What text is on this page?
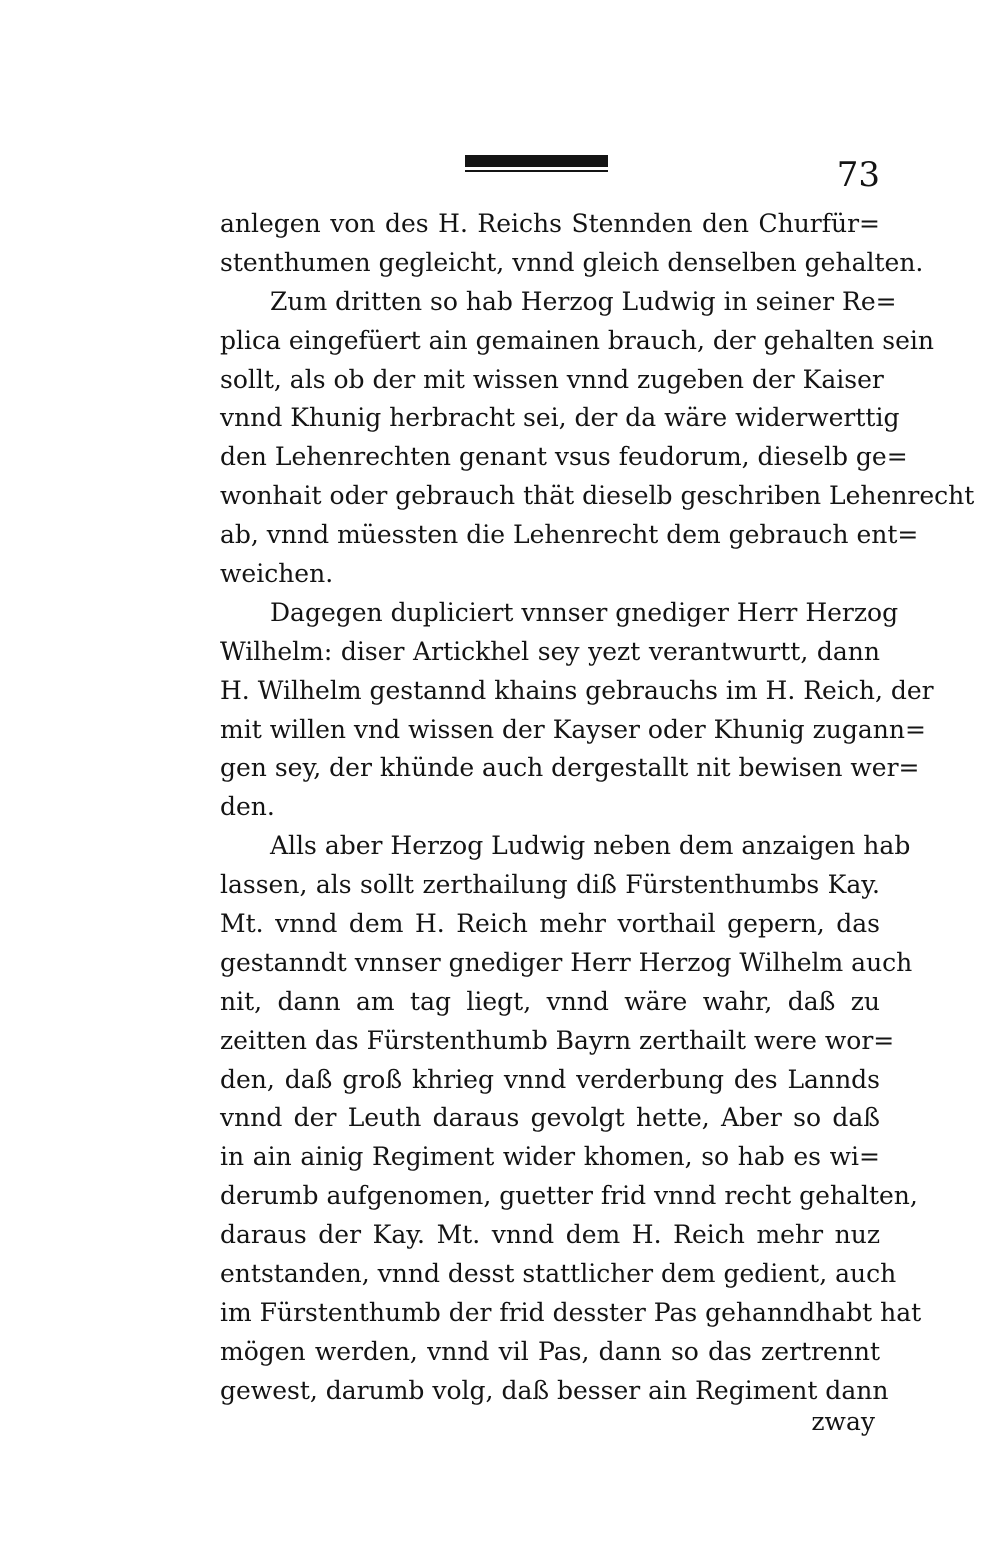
73
anlegen von des H. Reichs Stennden den Churfür=
stenthumen gegleicht, vnnd gleich denselben gehalten.
Zum dritten so hab Herzog Ludwig in seiner Re=
plica eingefüert ain gemainen brauch, der gehalten sein
sollt, als ob der mit wissen vnnd zugeben der Kaiser
vnnd Khunig herbracht sei, der da wäre widerwerttig
den Lehenrechten genant vsus feudorum, dieselb ge=
wonhait oder gebrauch thät dieselb geschriben Lehenrecht
ab, vnnd müessten die Lehenrecht dem gebrauch ent=
weichen.
Dagegen dupliciert vnnser gnediger Herr Herzog
Wilhelm: diser Artickhel sey yezt verantwurtt, dann
H. Wilhelm gestannd khains gebrauchs im H. Reich, der
mit willen vnd wissen der Kayser oder Khunig zugann=
gen sey, der khünde auch dergestallt nit bewisen wer=
den.
Alls aber Herzog Ludwig neben dem anzaigen hab
lassen, als sollt zerthailung diß Fürstenthumbs Kay.
Mt. vnnd dem H. Reich mehr vorthail gepern, das
gestanndt vnnser gnediger Herr Herzog Wilhelm auch
nit, dann am tag liegt, vnnd wäre wahr, daß zu
zeitten das Fürstenthumb Bayrn zerthailt were wor=
den, daß groß khrieg vnnd verderbung des Lannds
vnnd der Leuth daraus gevolgt hette, Aber so daß
in ain ainig Regiment wider khomen, so hab es wi=
derumb aufgenomen, guetter frid vnnd recht gehalten,
daraus der Kay. Mt. vnnd dem H. Reich mehr nuz
entstanden, vnnd desst stattlicher dem gedient, auch
im Fürstenthumb der frid desster Pas gehanndhabt hat
mögen werden, vnnd vil Pas, dann so das zertrennt
gewest, darumb volg, daß besser ain Regiment dann
zway
